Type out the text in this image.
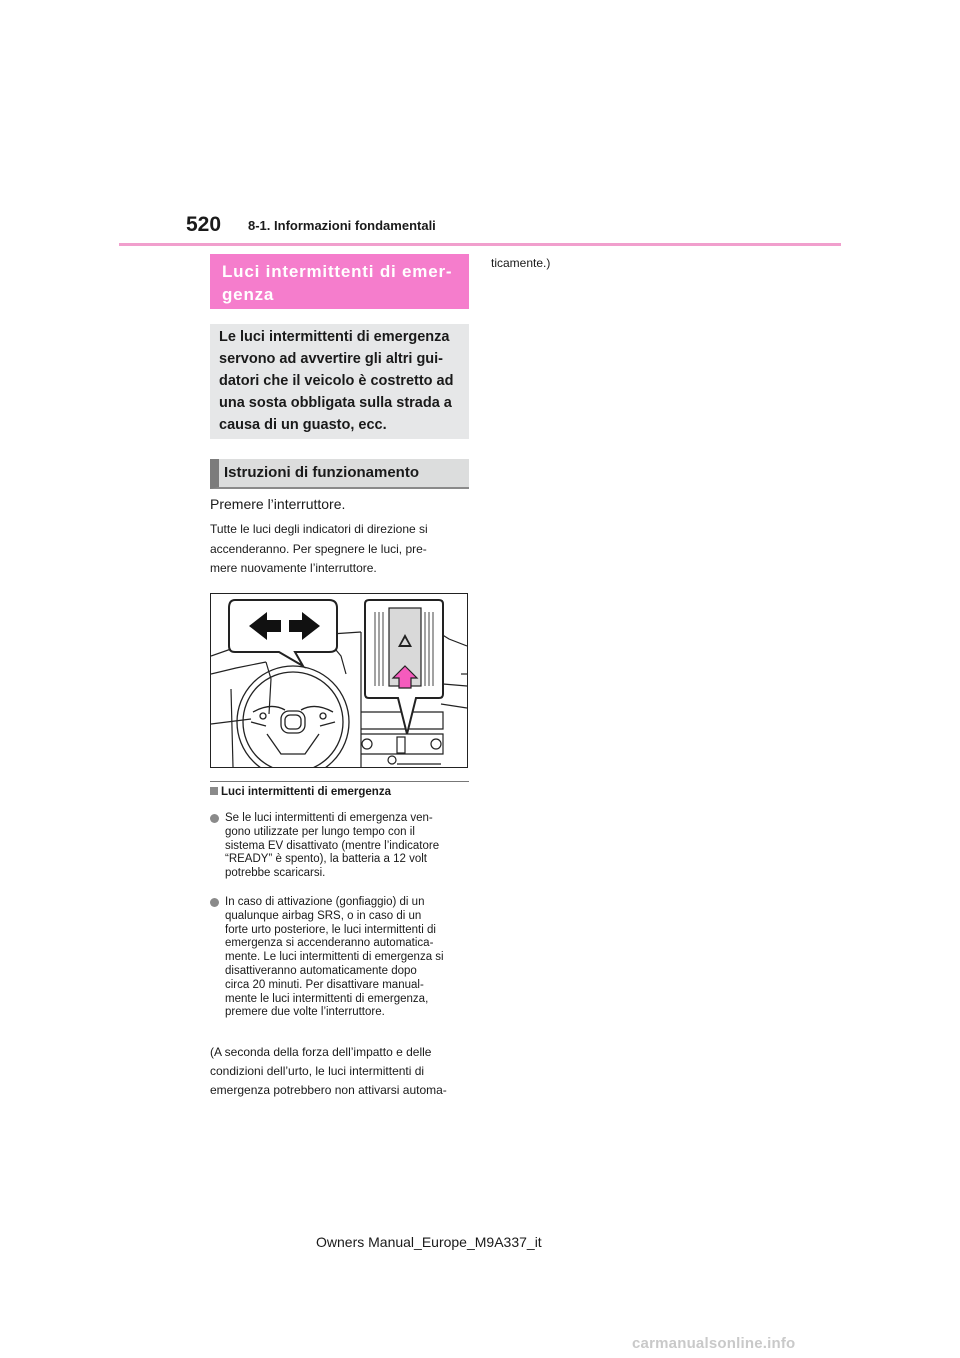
520 8-1. Informazioni fondamentali
Luci intermittenti di emer-
genza
Le luci intermittenti di emergenza
servono ad avvertire gli altri gui-
datori che il veicolo è costretto ad
una sosta obbligata sulla strada a
causa di un guasto, ecc.
Istruzioni di funzionamento
Premere l’interruttore.
Tutte le luci degli indicatori di direzione si
accenderanno. Per spegnere le luci, pre-
mere nuovamente l’interruttore.
Luci intermittenti di emergenza
Se le luci intermittenti di emergenza ven-
gono utilizzate per lungo tempo con il
sistema EV disattivato (mentre l’indicatore
“READY” è spento), la batteria a 12 volt
potrebbe scaricarsi.
In caso di attivazione (gonfiaggio) di un
qualunque airbag SRS, o in caso di un
forte urto posteriore, le luci intermittenti di
emergenza si accenderanno automatica-
mente. Le luci intermittenti di emergenza si
disattiveranno automaticamente dopo
circa 20 minuti. Per disattivare manual-
mente le luci intermittenti di emergenza,
premere due volte l’interruttore.
(A seconda della forza dell’impatto e delle
condizioni dell’urto, le luci intermittenti di
emergenza potrebbero non attivarsi automa-
ticamente.)
Owners Manual_Europe_M9A337_it
carmanualsonline.info
